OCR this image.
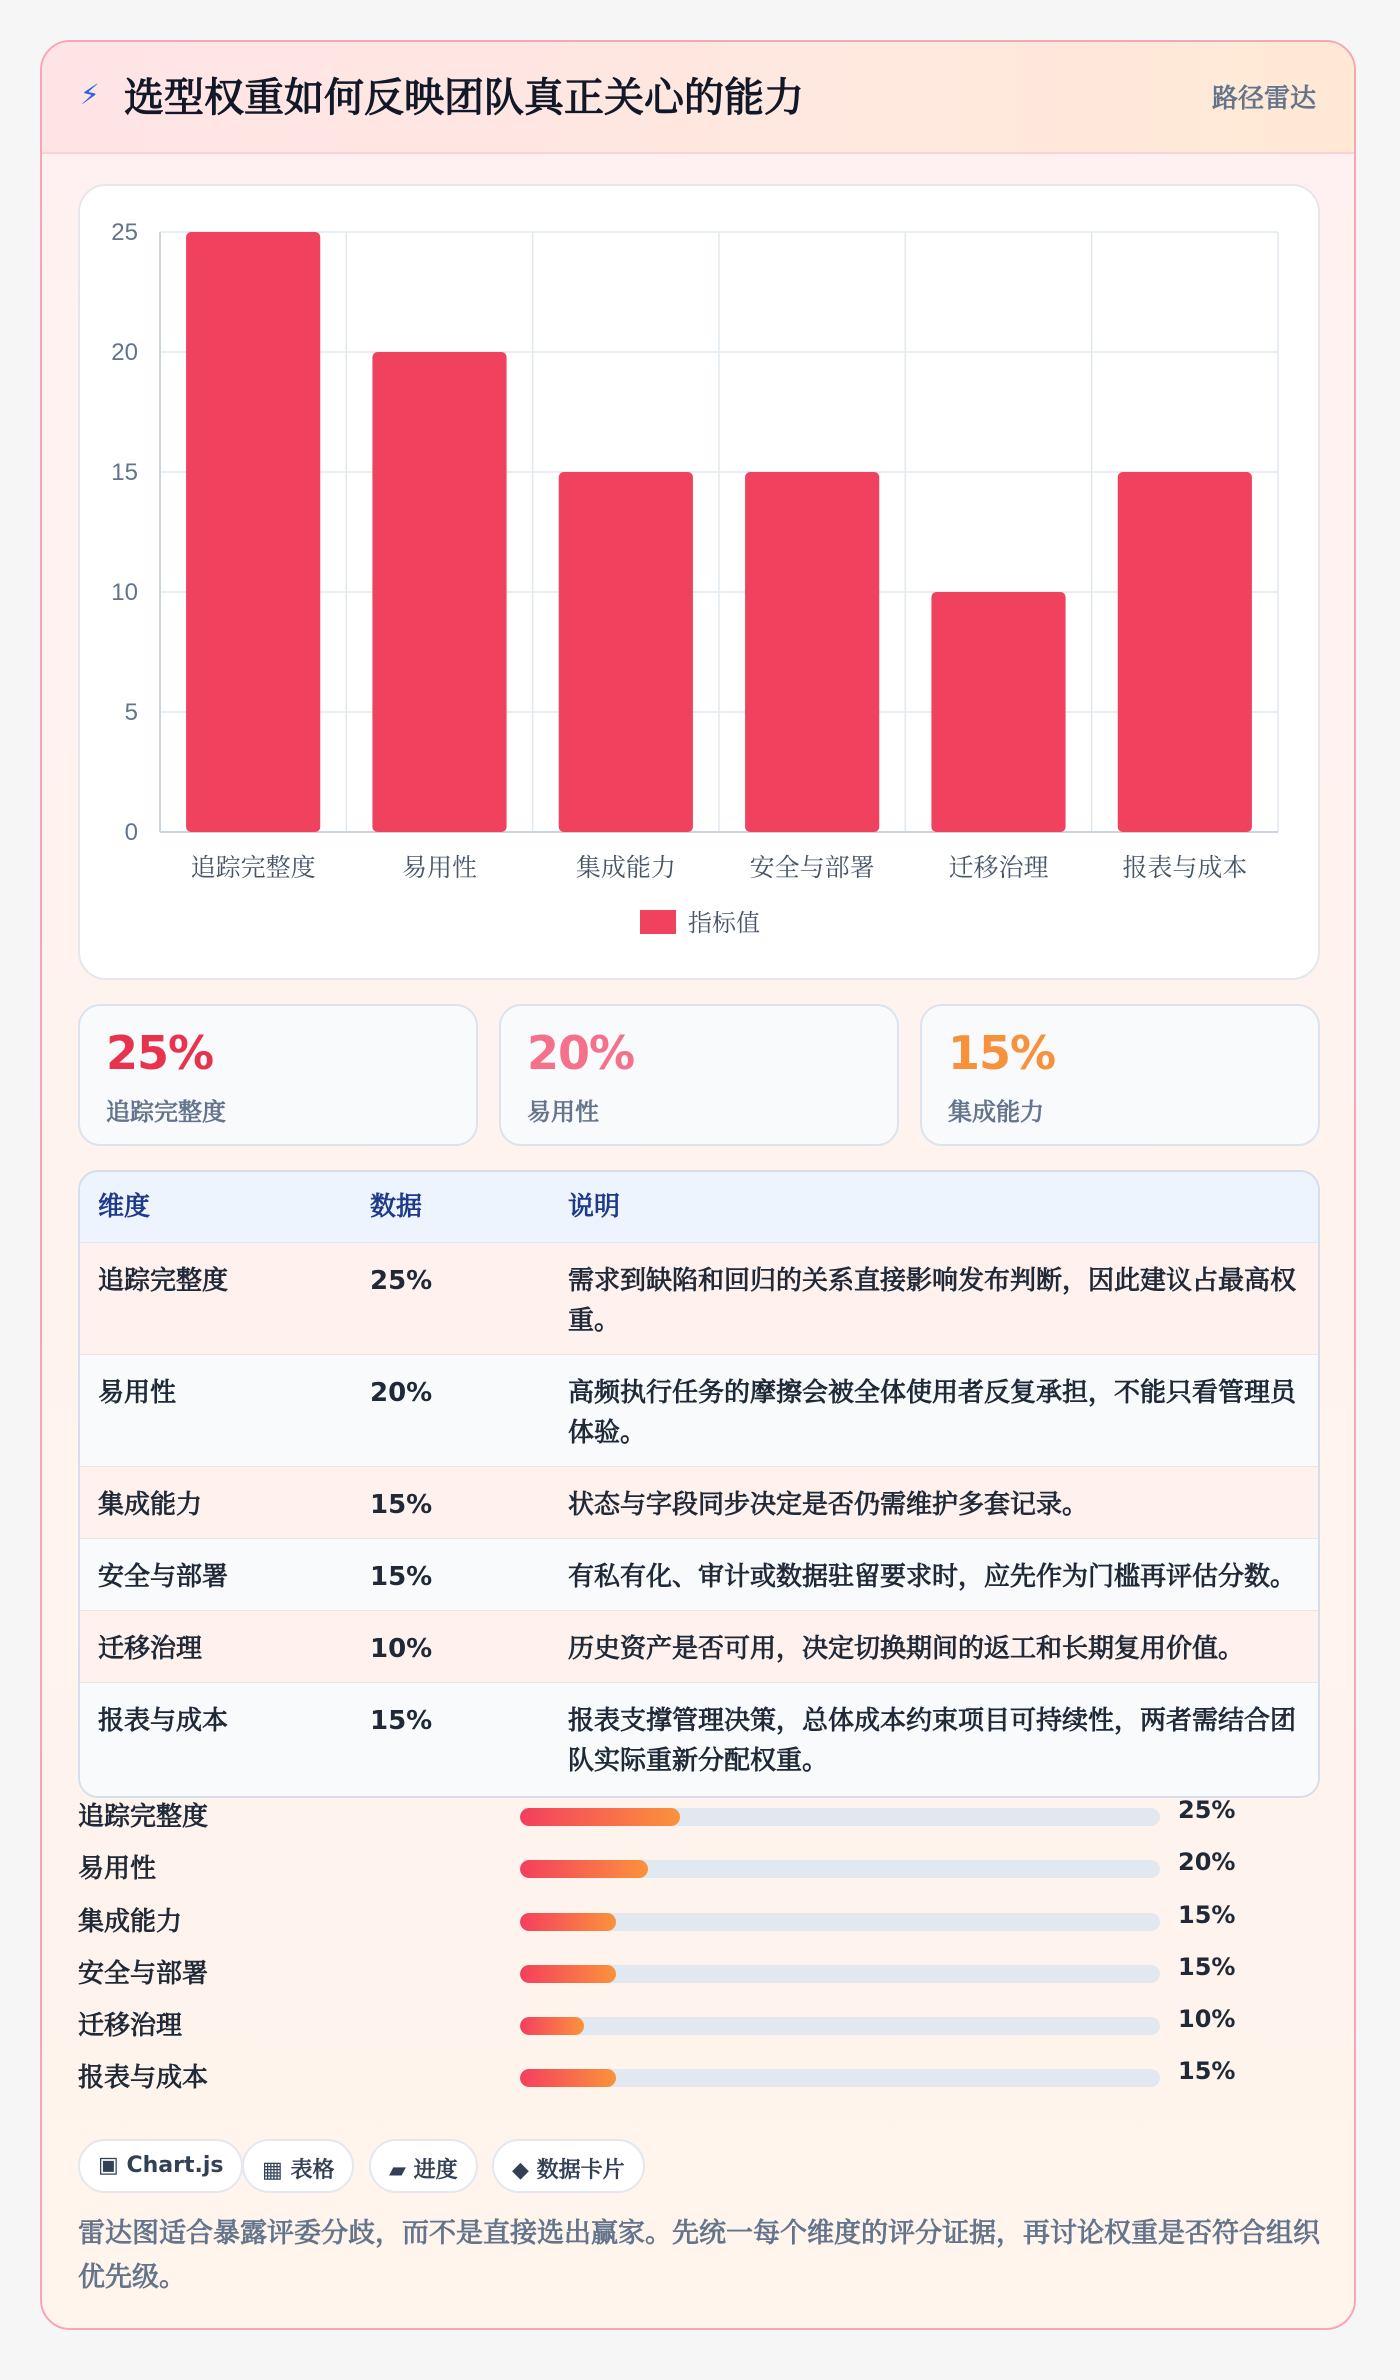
⚡ 选型权重如何反映团队真正关心的能力	路径雷达
0
5
10
15
20
25
追踪完整度	易用性	集成能力	安全与部署	迁移治理	报表与成本
指标值
25%
追踪完整度
20%
易用性
15%
集成能力
维度	数据	说明
追踪完整度	25%	需求到缺陷和回归的关系直接影响发布判断，因此建议占最高权重。
易用性	20%	高频执行任务的摩擦会被全体使用者反复承担，不能只看管理员体验。
集成能力	15%	状态与字段同步决定是否仍需维护多套记录。
安全与部署	15%	有私有化、审计或数据驻留要求时，应先作为门槛再评估分数。
迁移治理	10%	历史资产是否可用，决定切换期间的返工和长期复用价值。
报表与成本	15%	报表支撑管理决策，总体成本约束项目可持续性，两者需结合团队实际重新分配权重。
追踪完整度	25%
易用性	20%
集成能力	15%
安全与部署	15%
迁移治理	10%
报表与成本	15%
▣ Chart.js	▦ 表格	▰ 进度	◆ 数据卡片
雷达图适合暴露评委分歧，而不是直接选出赢家。先统一每个维度的评分证据，再讨论权重是否符合组织优先级。
